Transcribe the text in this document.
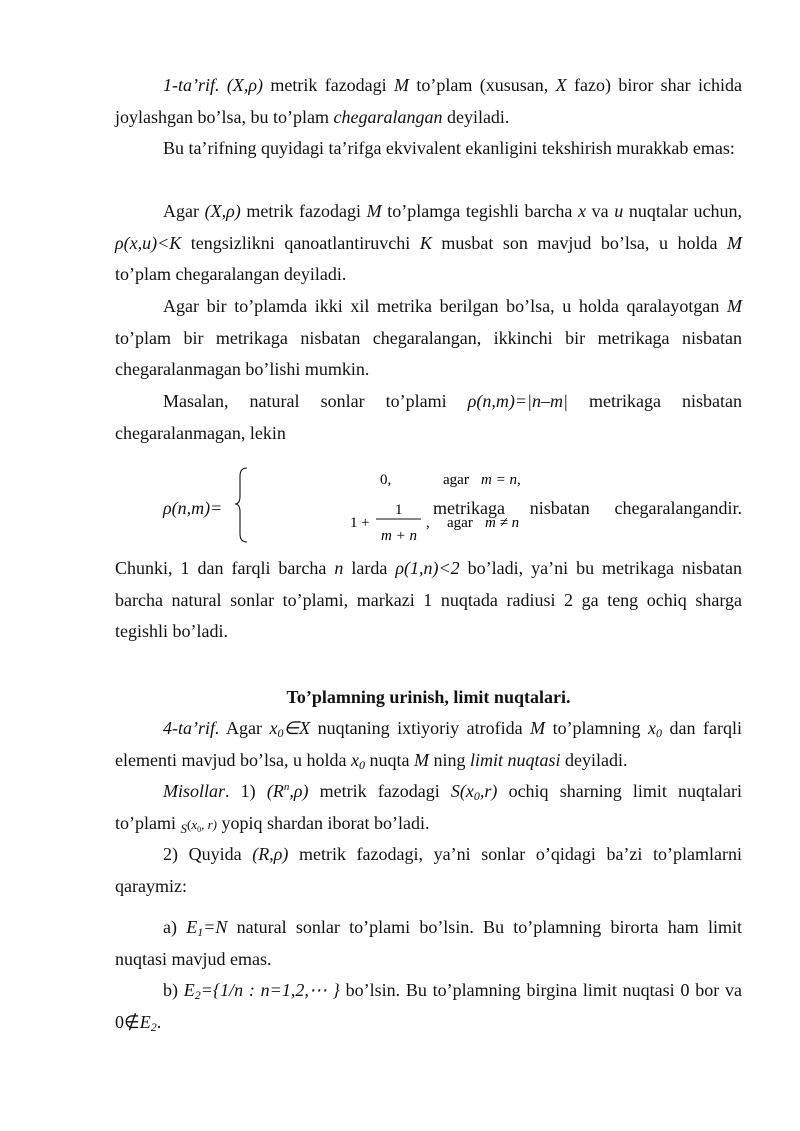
1-ta’rif. (X,ρ) metrik fazodagi M to’plam (xususan, X fazo) biror shar ichida joylashgan bo’lsa, bu to’plam chegaralangan deyiladi.

Bu ta’rifning quyidagi ta’rifga ekvivalent ekanligini tekshirish murakkab emas:

Agar (X,ρ) metrik fazodagi M to’plamga tegishli barcha x va u nuqtalar uchun, ρ(x,u)<K tengsizlikni qanoatlantiruvchi K musbat son mavjud bo’lsa, u holda M to’plam chegaralangan deyiladi.

Agar bir to’plamda ikki xil metrika berilgan bo’lsa, u holda qaralayotgan M to’plam bir metrikaga nisbatan chegaralangan, ikkinchi bir metrikaga nisbatan chegaralanmagan bo’lishi mumkin.

Masalan, natural sonlar to’plami ρ(n,m)=|n–m| metrikaga nisbatan chegaralanmagan, lekin

ρ(n,m)=
0,	agar m = n,
1 +
1
m + n
, agar m ≠ n
metrikaga nisbatan chegaralangandir.

Chunki, 1 dan farqli barcha n larda ρ(1,n)<2 bo’ladi, ya’ni bu metrikaga nisbatan barcha natural sonlar to’plami, markazi 1 nuqtada radiusi 2 ga teng ochiq sharga tegishli bo’ladi.

To’plamning urinish, limit nuqtalari.

4-ta’rif. Agar $x_0\in X$ nuqtaning ixtiyoriy atrofida M to’plamning $x_0$ dan farqli elementi mavjud bo’lsa, u holda $x_0$ nuqta M ning limit nuqtasi deyiladi.

Misollar. 1) $(R^n,\rho)$ metrik fazodagi $S(x_0,r)$ ochiq sharning limit nuqtalari to’plami $S(x_0$, r) yopiq shardan iborat bo’ladi.

2) Quyida (R,ρ) metrik fazodagi, ya’ni sonlar o’qidagi ba’zi to’plamlarni qaraymiz:

a) $E_1=N$ natural sonlar to’plami bo’lsin. Bu to’plamning birorta ham limit nuqtasi mavjud emas.

b) $E_2=\{1/n$ : n=1,2,⋯ } bo’lsin. Bu to’plamning birgina limit nuqtasi 0 bor va $0\notin E_2$.
